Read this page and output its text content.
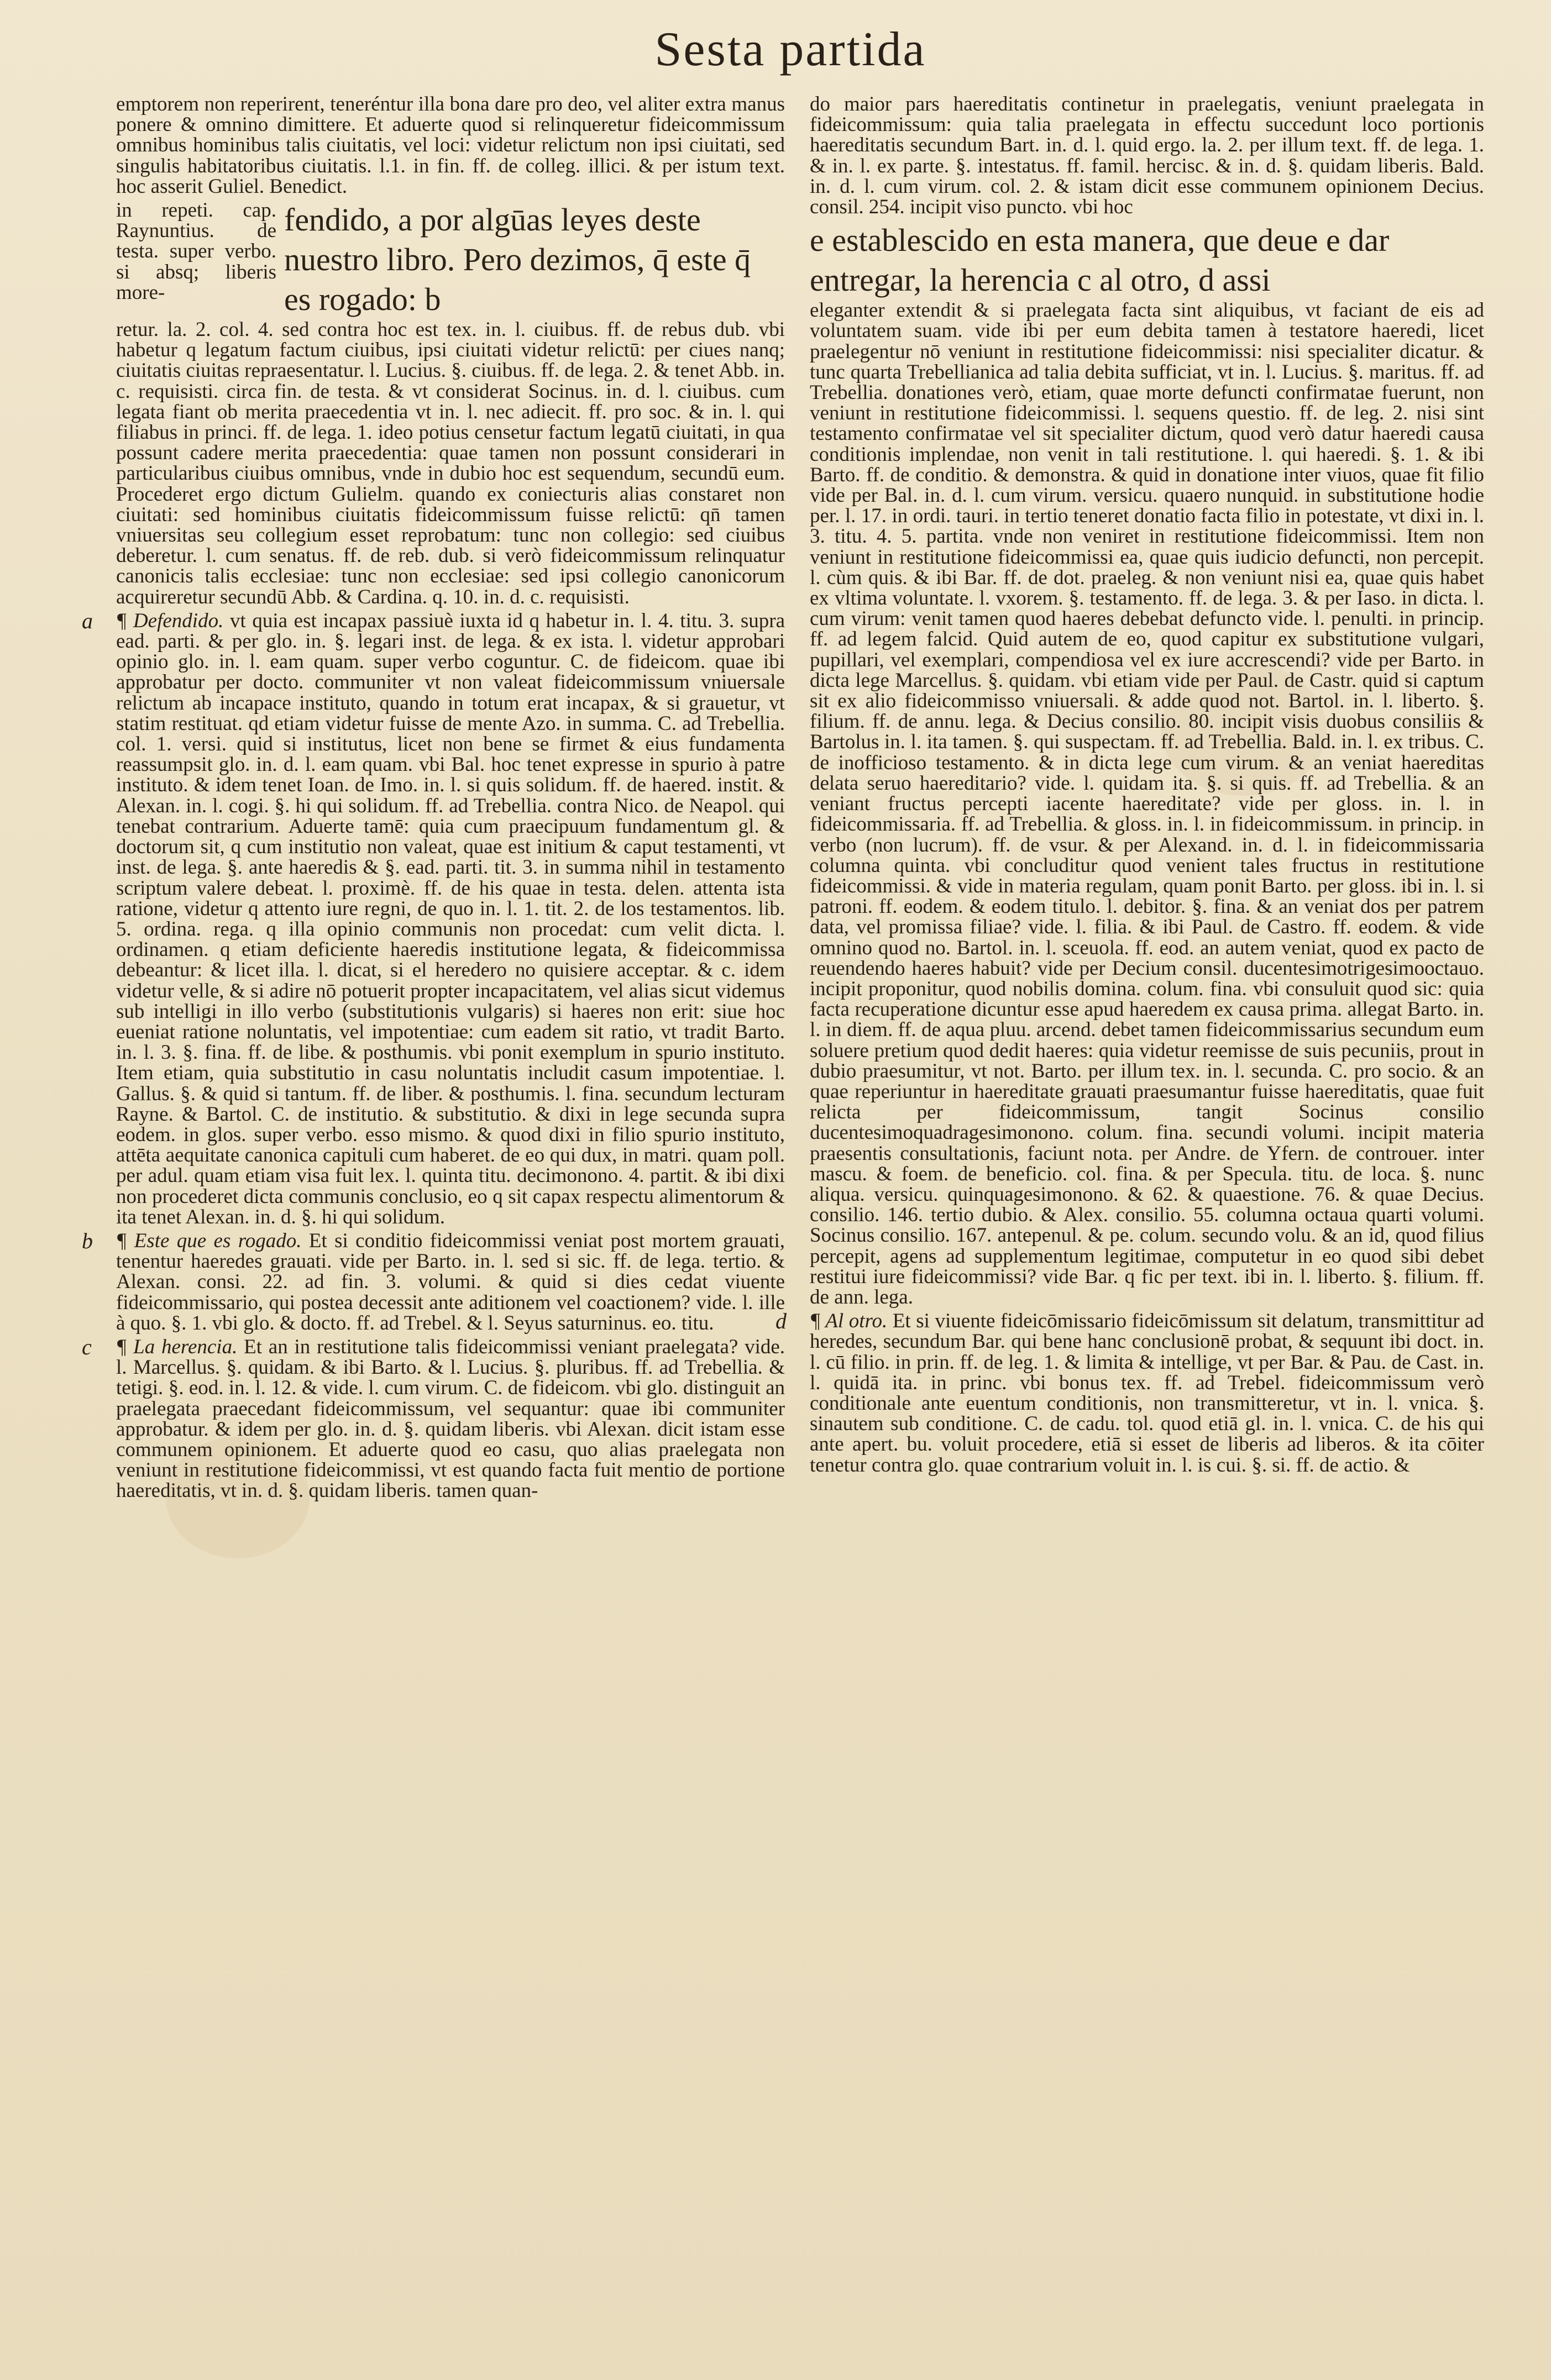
Sesta partida

emptorem non reperirent, teneréntur illa bona dare pro deo, vel aliter extra manus ponere & omnino dimittere. Et aduerte quod si relinqueretur fideicommissum omnibus hominibus talis ciuitatis, vel loci: videtur relictum non ipsi ciuitati, sed singulis habitatoribus ciuitatis. l.1. in fin. ff. de colleg. illici. & per istum text. hoc asserit Guliel. Benedict.

in repeti. cap. Raynuntius. de testa. super verbo. si absq; liberis more-
fendido, a por algūas leyes deste nuestro libro. Pero dezimos, q̄ este q̄ es rogado: b

retur. la. 2. col. 4. sed contra hoc est tex. in. l. ciuibus. ff. de rebus dub. vbi habetur q legatum factum ciuibus, ipsi ciuitati videtur relictū: per ciues nanq; ciuitatis ciuitas repraesentatur. l. Lucius. §. ciuibus. ff. de lega. 2. & tenet Abb. in. c. requisisti. circa fin. de testa. & vt considerat Socinus. in. d. l. ciuibus. cum legata fiant ob merita praecedentia vt in. l. nec adiecit. ff. pro soc. & in. l. qui filiabus in princi. ff. de lega. 1. ideo potius censetur factum legatū ciuitati, in qua possunt cadere merita praecedentia: quae tamen non possunt considerari in particularibus ciuibus omnibus, vnde in dubio hoc est sequendum, secundū eum. Procederet ergo dictum Gulielm. quando ex coniecturis alias constaret non ciuitati: sed hominibus ciuitatis fideicommissum fuisse relictū: qn̄ tamen vniuersitas seu collegium esset reprobatum: tunc non collegio: sed ciuibus deberetur. l. cum senatus. ff. de reb. dub. si verò fideicommissum relinquatur canonicis talis ecclesiae: tunc non ecclesiae: sed ipsi collegio canonicorum acquireretur secundū Abb. & Cardina. q. 10. in. d. c. requisisti.

a ¶ Defendido. vt quia est incapax passiuè iuxta id q habetur in. l. 4. titu. 3. supra ead. parti. & per glo. in. §. legari inst. de lega. & ex ista. l. videtur approbari opinio glo. in. l. eam quam. super verbo coguntur. C. de fideicom. quae ibi approbatur per docto. communiter vt non valeat fideicommissum vniuersale relictum ab incapace instituto, quando in totum erat incapax, & si grauetur, vt statim restituat. qd etiam videtur fuisse de mente Azo. in summa. C. ad Trebellia. col. 1. versi. quid si institutus, licet non bene se firmet & eius fundamenta reassumpsit glo. in. d. l. eam quam. vbi Bal. hoc tenet expresse in spurio à patre instituto. & idem tenet Ioan. de Imo. in. l. si quis solidum. ff. de haered. instit. & Alexan. in. l. cogi. §. hi qui solidum. ff. ad Trebellia. contra Nico. de Neapol. qui tenebat contrarium. Aduerte tamē: quia cum praecipuum fundamentum gl. & doctorum sit, q cum institutio non valeat, quae est initium & caput testamenti, vt inst. de lega. §. ante haeredis & §. ead. parti. tit. 3. in summa nihil in testamento scriptum valere debeat. l. proximè. ff. de his quae in testa. delen. attenta ista ratione, videtur q attento iure regni, de quo in. l. 1. tit. 2. de los testamentos. lib. 5. ordina. rega. q illa opinio communis non procedat: cum velit dicta. l. ordinamen. q etiam deficiente haeredis institutione legata, & fideicommissa debeantur: & licet illa. l. dicat, si el heredero no quisiere acceptar. & c. idem videtur velle, & si adire nō potuerit propter incapacitatem, vel alias sicut videmus sub intelligi in illo verbo (substitutionis vulgaris) si haeres non erit: siue hoc eueniat ratione noluntatis, vel impotentiae: cum eadem sit ratio, vt tradit Barto. in. l. 3. §. fina. ff. de libe. & posthumis. vbi ponit exemplum in spurio instituto. Item etiam, quia substitutio in casu noluntatis includit casum impotentiae. l. Gallus. §. & quid si tantum. ff. de liber. & posthumis. l. fina. secundum lecturam Rayne. & Bartol. C. de institutio. & substitutio. & dixi in lege secunda supra eodem. in glos. super verbo. esso mismo. & quod dixi in filio spurio instituto, attēta aequitate canonica capituli cum haberet. de eo qui dux, in matri. quam poll. per adul. quam etiam visa fuit lex. l. quinta titu. decimonono. 4. partit. & ibi dixi non procederet dicta communis conclusio, eo q sit capax respectu alimentorum & ita tenet Alexan. in. d. §. hi qui solidum.

b ¶ Este que es rogado. Et si conditio fideicommissi veniat post mortem grauati, tenentur haeredes grauati. vide per Barto. in. l. sed si sic. ff. de lega. tertio. & Alexan. consi. 22. ad fin. 3. volumi. & quid si dies cedat viuente fideicommissario, qui postea decessit ante aditionem vel coactionem? vide. l. ille à quo. §. 1. vbi glo. & docto. ff. ad Trebel. & l. Seyus saturninus. eo. titu.

c ¶ La herencia. Et an in restitutione talis fideicommissi veniant praelegata? vide. l. Marcellus. §. quidam. & ibi Barto. & l. Lucius. §. pluribus. ff. ad Trebellia. & tetigi. §. eod. in. l. 12. & vide. l. cum virum. C. de fideicom. vbi glo. distinguit an praelegata praecedant fideicommissum, vel sequantur: quae ibi communiter approbatur. & idem per glo. in. d. §. quidam liberis. vbi Alexan. dicit istam esse communem opinionem. Et aduerte quod eo casu, quo alias praelegata non veniunt in restitutione fideicommissi, vt est quando facta fuit mentio de portione haereditatis, vt in. d. §. quidam liberis. tamen quan-

do maior pars haereditatis continetur in praelegatis, veniunt praelegata in fideicommissum: quia talia praelegata in effectu succedunt loco portionis haereditatis secundum Bart. in. d. l. quid ergo. la. 2. per illum text. ff. de lega. 1. & in. l. ex parte. §. intestatus. ff. famil. hercisc. & in. d. §. quidam liberis. Bald. in. d. l. cum virum. col. 2. & istam dicit esse communem opinionem Decius. consil. 254. incipit viso puncto. vbi hoc

e establescido en esta manera, que deue e dar entregar, la herencia c al otro, d assi

eleganter extendit & si praelegata facta sint aliquibus, vt faciant de eis ad voluntatem suam. vide ibi per eum debita tamen à testatore haeredi, licet praelegentur nō veniunt in restitutione fideicommissi: nisi specialiter dicatur. & tunc quarta Trebellianica ad talia debita sufficiat, vt in. l. Lucius. §. maritus. ff. ad Trebellia. donationes verò, etiam, quae morte defuncti confirmatae fuerunt, non veniunt in restitutione fideicommissi. l. sequens questio. ff. de leg. 2. nisi sint testamento confirmatae vel sit specialiter dictum, quod verò datur haeredi causa conditionis implendae, non venit in tali restitutione. l. qui haeredi. §. 1. & ibi Barto. ff. de conditio. & demonstra. & quid in donatione inter viuos, quae fit filio vide per Bal. in. d. l. cum virum. versicu. quaero nunquid. in substitutione hodie per. l. 17. in ordi. tauri. in tertio teneret donatio facta filio in potestate, vt dixi in. l. 3. titu. 4. 5. partita. vnde non veniret in restitutione fideicommissi. Item non veniunt in restitutione fideicommissi ea, quae quis iudicio defuncti, non percepit. l. cùm quis. & ibi Bar. ff. de dot. praeleg. & non veniunt nisi ea, quae quis habet ex vltima voluntate. l. vxorem. §. testamento. ff. de lega. 3. & per Iaso. in dicta. l. cum virum: venit tamen quod haeres debebat defuncto vide. l. penulti. in princip. ff. ad legem falcid. Quid autem de eo, quod capitur ex substitutione vulgari, pupillari, vel exemplari, compendiosa vel ex iure accrescendi? vide per Barto. in dicta lege Marcellus. §. quidam. vbi etiam vide per Paul. de Castr. quid si captum sit ex alio fideicommisso vniuersali. & adde quod not. Bartol. in. l. liberto. §. filium. ff. de annu. lega. & Decius consilio. 80. incipit visis duobus consiliis & Bartolus in. l. ita tamen. §. qui suspectam. ff. ad Trebellia. Bald. in. l. ex tribus. C. de inofficioso testamento. & in dicta lege cum virum. & an veniat haereditas delata seruo haereditario? vide. l. quidam ita. §. si quis. ff. ad Trebellia. & an veniant fructus percepti iacente haereditate? vide per gloss. in. l. in fideicommissaria. ff. ad Trebellia. & gloss. in. l. in fideicommissum. in princip. in verbo (non lucrum). ff. de vsur. & per Alexand. in. d. l. in fideicommissaria columna quinta. vbi concluditur quod venient tales fructus in restitutione fideicommissi. & vide in materia regulam, quam ponit Barto. per gloss. ibi in. l. si patroni. ff. eodem. & eodem titulo. l. debitor. §. fina. & an veniat dos per patrem data, vel promissa filiae? vide. l. filia. & ibi Paul. de Castro. ff. eodem. & vide omnino quod no. Bartol. in. l. sceuola. ff. eod. an autem veniat, quod ex pacto de reuendendo haeres habuit? vide per Decium consil. ducentesimotrigesimooctauo. incipit proponitur, quod nobilis domina. colum. fina. vbi consuluit quod sic: quia facta recuperatione dicuntur esse apud haeredem ex causa prima. allegat Barto. in. l. in diem. ff. de aqua pluu. arcend. debet tamen fideicommissarius secundum eum soluere pretium quod dedit haeres: quia videtur reemisse de suis pecuniis, prout in dubio praesumitur, vt not. Barto. per illum tex. in. l. secunda. C. pro socio. & an quae reperiuntur in haereditate grauati praesumantur fuisse haereditatis, quae fuit relicta per fideicommissum, tangit Socinus consilio ducentesimoquadragesimonono. colum. fina. secundi volumi. incipit materia praesentis consultationis, faciunt nota. per Andre. de Yfern. de controuer. inter mascu. & foem. de beneficio. col. fina. & per Specula. titu. de loca. §. nunc aliqua. versicu. quinquagesimonono. & 62. & quaestione. 76. & quae Decius. consilio. 146. tertio dubio. & Alex. consilio. 55. columna octaua quarti volumi. Socinus consilio. 167. antepenul. & pe. colum. secundo volu. & an id, quod filius percepit, agens ad supplementum legitimae, computetur in eo quod sibi debet restitui iure fideicommissi? vide Bar. q fic per text. ibi in. l. liberto. §. filium. ff. de ann. lega.

d ¶ Al otro. Et si viuente fideicōmissario fideicōmissum sit delatum, transmittitur ad heredes, secundum Bar. qui bene hanc conclusionē probat, & sequunt ibi doct. in. l. cū filio. in prin. ff. de leg. 1. & limita & intellige, vt per Bar. & Pau. de Cast. in. l. quidā ita. in princ. vbi bonus tex. ff. ad Trebel. fideicommissum verò conditionale ante euentum conditionis, non transmitteretur, vt in. l. vnica. §. sinautem sub conditione. C. de cadu. tol. quod etiā gl. in. l. vnica. C. de his qui ante apert. bu. voluit procedere, etiā si esset de liberis ad liberos. & ita cōiter tenetur contra glo. quae contrarium voluit in. l. is cui. §. si. ff. de actio. &
